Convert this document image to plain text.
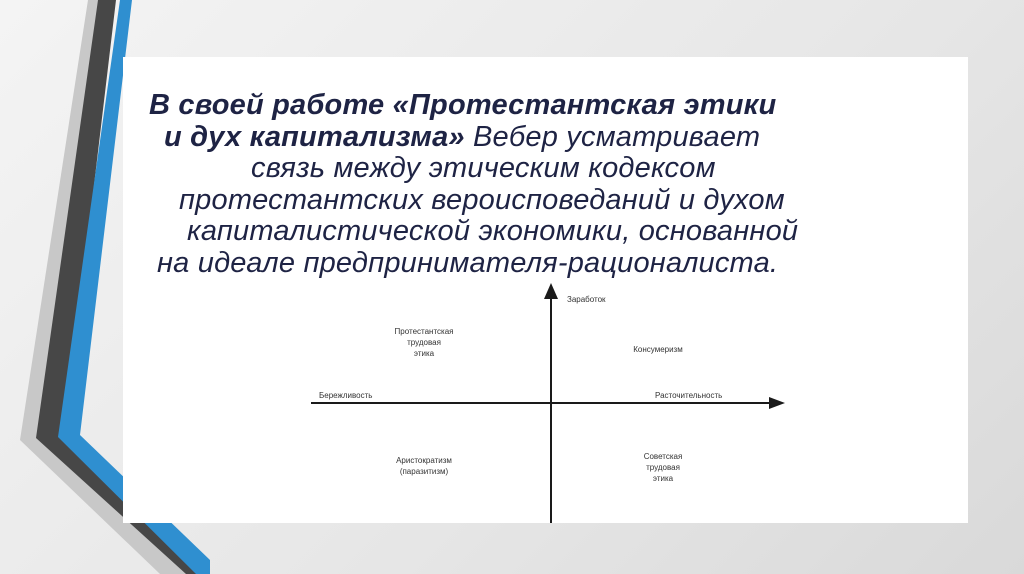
В своей работе «Протестантская этики
и дух капитализма» Вебер усматривает
связь между этическим кодексом
протестантских вероисповеданий и духом
капиталистической экономики, основанной
на идеале предпринимателя-рационалиста.
Заработок
Бережливость	Расточительность
Протестантская
трудовая
этика	Консумеризм
Аристократизм
(паразитизм)
Советская
трудовая
этика
